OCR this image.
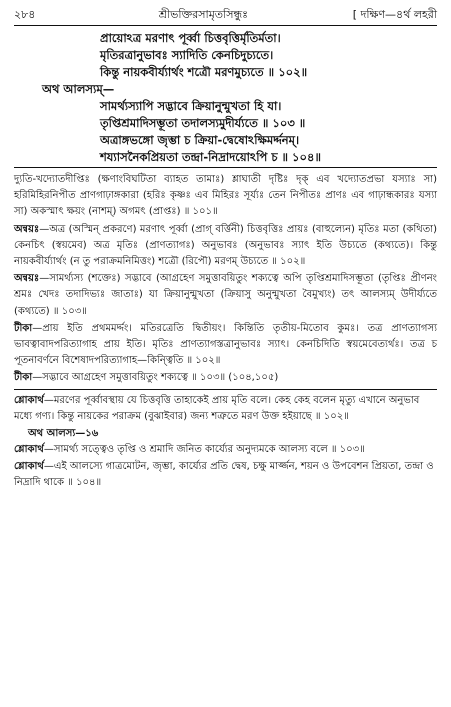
২৮৪	শ্রীভক্তিরসামৃতসিন্ধুঃ	[ দক্ষিণ—৪র্থ লহরী
প্রায়োঽত্র মরণাৎ পূর্ব্বা চিত্তবৃত্তির্মৃতির্মতা।
মৃতিরত্রানুভাবঃ স্যাদিতি কেনচিদুচ্যতে।
কিন্তু নায়কবীর্য্যার্থং শত্রৌ মরণমুচ্যতে ॥ ১০২॥
অথ আলস্যম্—
সামর্থ্যস্যাপি সদ্ভাবে ক্রিয়ানুন্মুখতা হি যা।
তৃপ্তিশ্রমাদিসম্ভূতা তদালস্যমুদীর্য্যতে ॥ ১০৩ ॥
অত্রাঙ্গভঙ্গো জৃম্ভা চ ক্রিয়া-দ্বেষোঽক্ষিমর্দ্দনম্।
শয্যাসনৈকপ্রিয়তা তন্দ্রা-নিদ্রাদয়োঽপি চ ॥ ১০৪॥

দ্যুতি-খদ্যোতদীপ্তিঃ (ক্ষণাংবিঘটিতা ব্যাহত তামাঃ) শ্লাঘাতী দৃষ্টিঃ দৃক্ এব খদ্যোতপ্রভা যস্যাঃ সা) হরিমিহিরনিপীত প্রাণগাঢ়াঙ্গকারা (হরিঃ কৃষ্ণঃ এব মিহিরঃ সূর্য্যঃ তেন নিপীতঃ প্রাণঃ এব গাঢ়ান্ধকারঃ যস্যা সা) অকস্মাৎ ক্ষয়ং (নাশম্) অগমৎ (প্রাপ্তঃ) ॥ ১০১॥

অন্বয়ঃ—অত্র (অস্মিন্ প্রকরণে) মরণাৎ পূর্ব্বা (প্রাগ্ বর্ত্তিনী) চিত্তবৃত্তিঃ প্রায়ঃ (বাহুল্যেন) মৃতিঃ মতা (কথিতা) কেনচিৎ (স্বয়মেব) অত্র মৃতিঃ (প্রাণত্যাগঃ) অনুভাবঃ (অনুভাবঃ স্যাৎ ইতি উচ্যতে (কথ্যতে)। কিন্তু নায়কবীর্য্যার্থং (ন তু পরাক্রমনিমিত্তং) শত্রৌ (রিপৌ) মরণম্ উচ্যতে ॥ ১০২॥

অন্বয়ঃ—সামর্থ্যস্য (শক্তেঃ) সদ্ভাবে (আগ্রহেণ সমুত্তাবয়িতুং শক্যত্বে অপি তৃপ্তিশ্রমাদিসম্ভূতা (তৃপ্তিঃ প্রীণনং শ্রমঃ খেদঃ তদাদিভ্যঃ জাতাঃ) যা ক্রিয়ানুন্মুখতা (ক্রিয়াসু অনুন্মুখতা বৈমুখ্যং) তৎ আলস্যম্ উদীর্য্যতে (কথ্যতে) ॥ ১০৩॥

টীকা—প্রায় ইতি প্রথমমর্দ্দং। মতিরত্রেতি দ্বিতীয়ং। কিন্তিতি তৃতীয়-মিতোব কুমঃ। তত্র প্রাণত্যাগস্য ভাবত্বাবাদপরিত্যাগাহ প্রায় ইতি। মৃতিঃ প্রাণত্যাগস্তত্রানুভাবঃ স্যাৎ। কেনচিদিতি স্বয়মেবেত্যর্থঃ। তত্র চ পূতনাবর্ণনে বিশেষাদপরিত্যাগাহ—কিন্ত্বিতি ॥ ১০২॥

টীকা—সদ্ভাবে আগ্রহেণ সমুত্তাবয়িতুং শক্যত্বে ॥ ১০৩॥ (১০৪,১০৫)

শ্লোকার্থ—মরণের পূর্ব্বাবস্থায় যে চিত্তবৃত্তি তাহাকেই প্রায় মৃতি বলে। কেহ কেহ বলেন মৃত্যু এখানে অনুভাব মধ্যে গণ্য। কিন্তু নায়কের পরাক্রম (বুঝাইবার) জন্য শত্রুতে মরণ উক্ত হইয়াছে ॥ ১০২॥

অথ আলস্য—১৬

শ্লোকার্থ—সামর্থ্য সত্ত্বেও তৃপ্তি ও শ্রমাদি জনিত কার্য্যের অনুদ্যমকে আলস্য বলে ॥ ১০৩॥

শ্লোকার্থ—এই আলস্যে গাত্রমোটন, জৃম্ভা, কার্য্যের প্রতি দ্বেষ, চক্ষু মার্জ্জন, শয়ন ও উপবেশন প্রিয়তা, তন্দ্রা ও নিদ্রাদি থাকে ॥ ১০৪॥
